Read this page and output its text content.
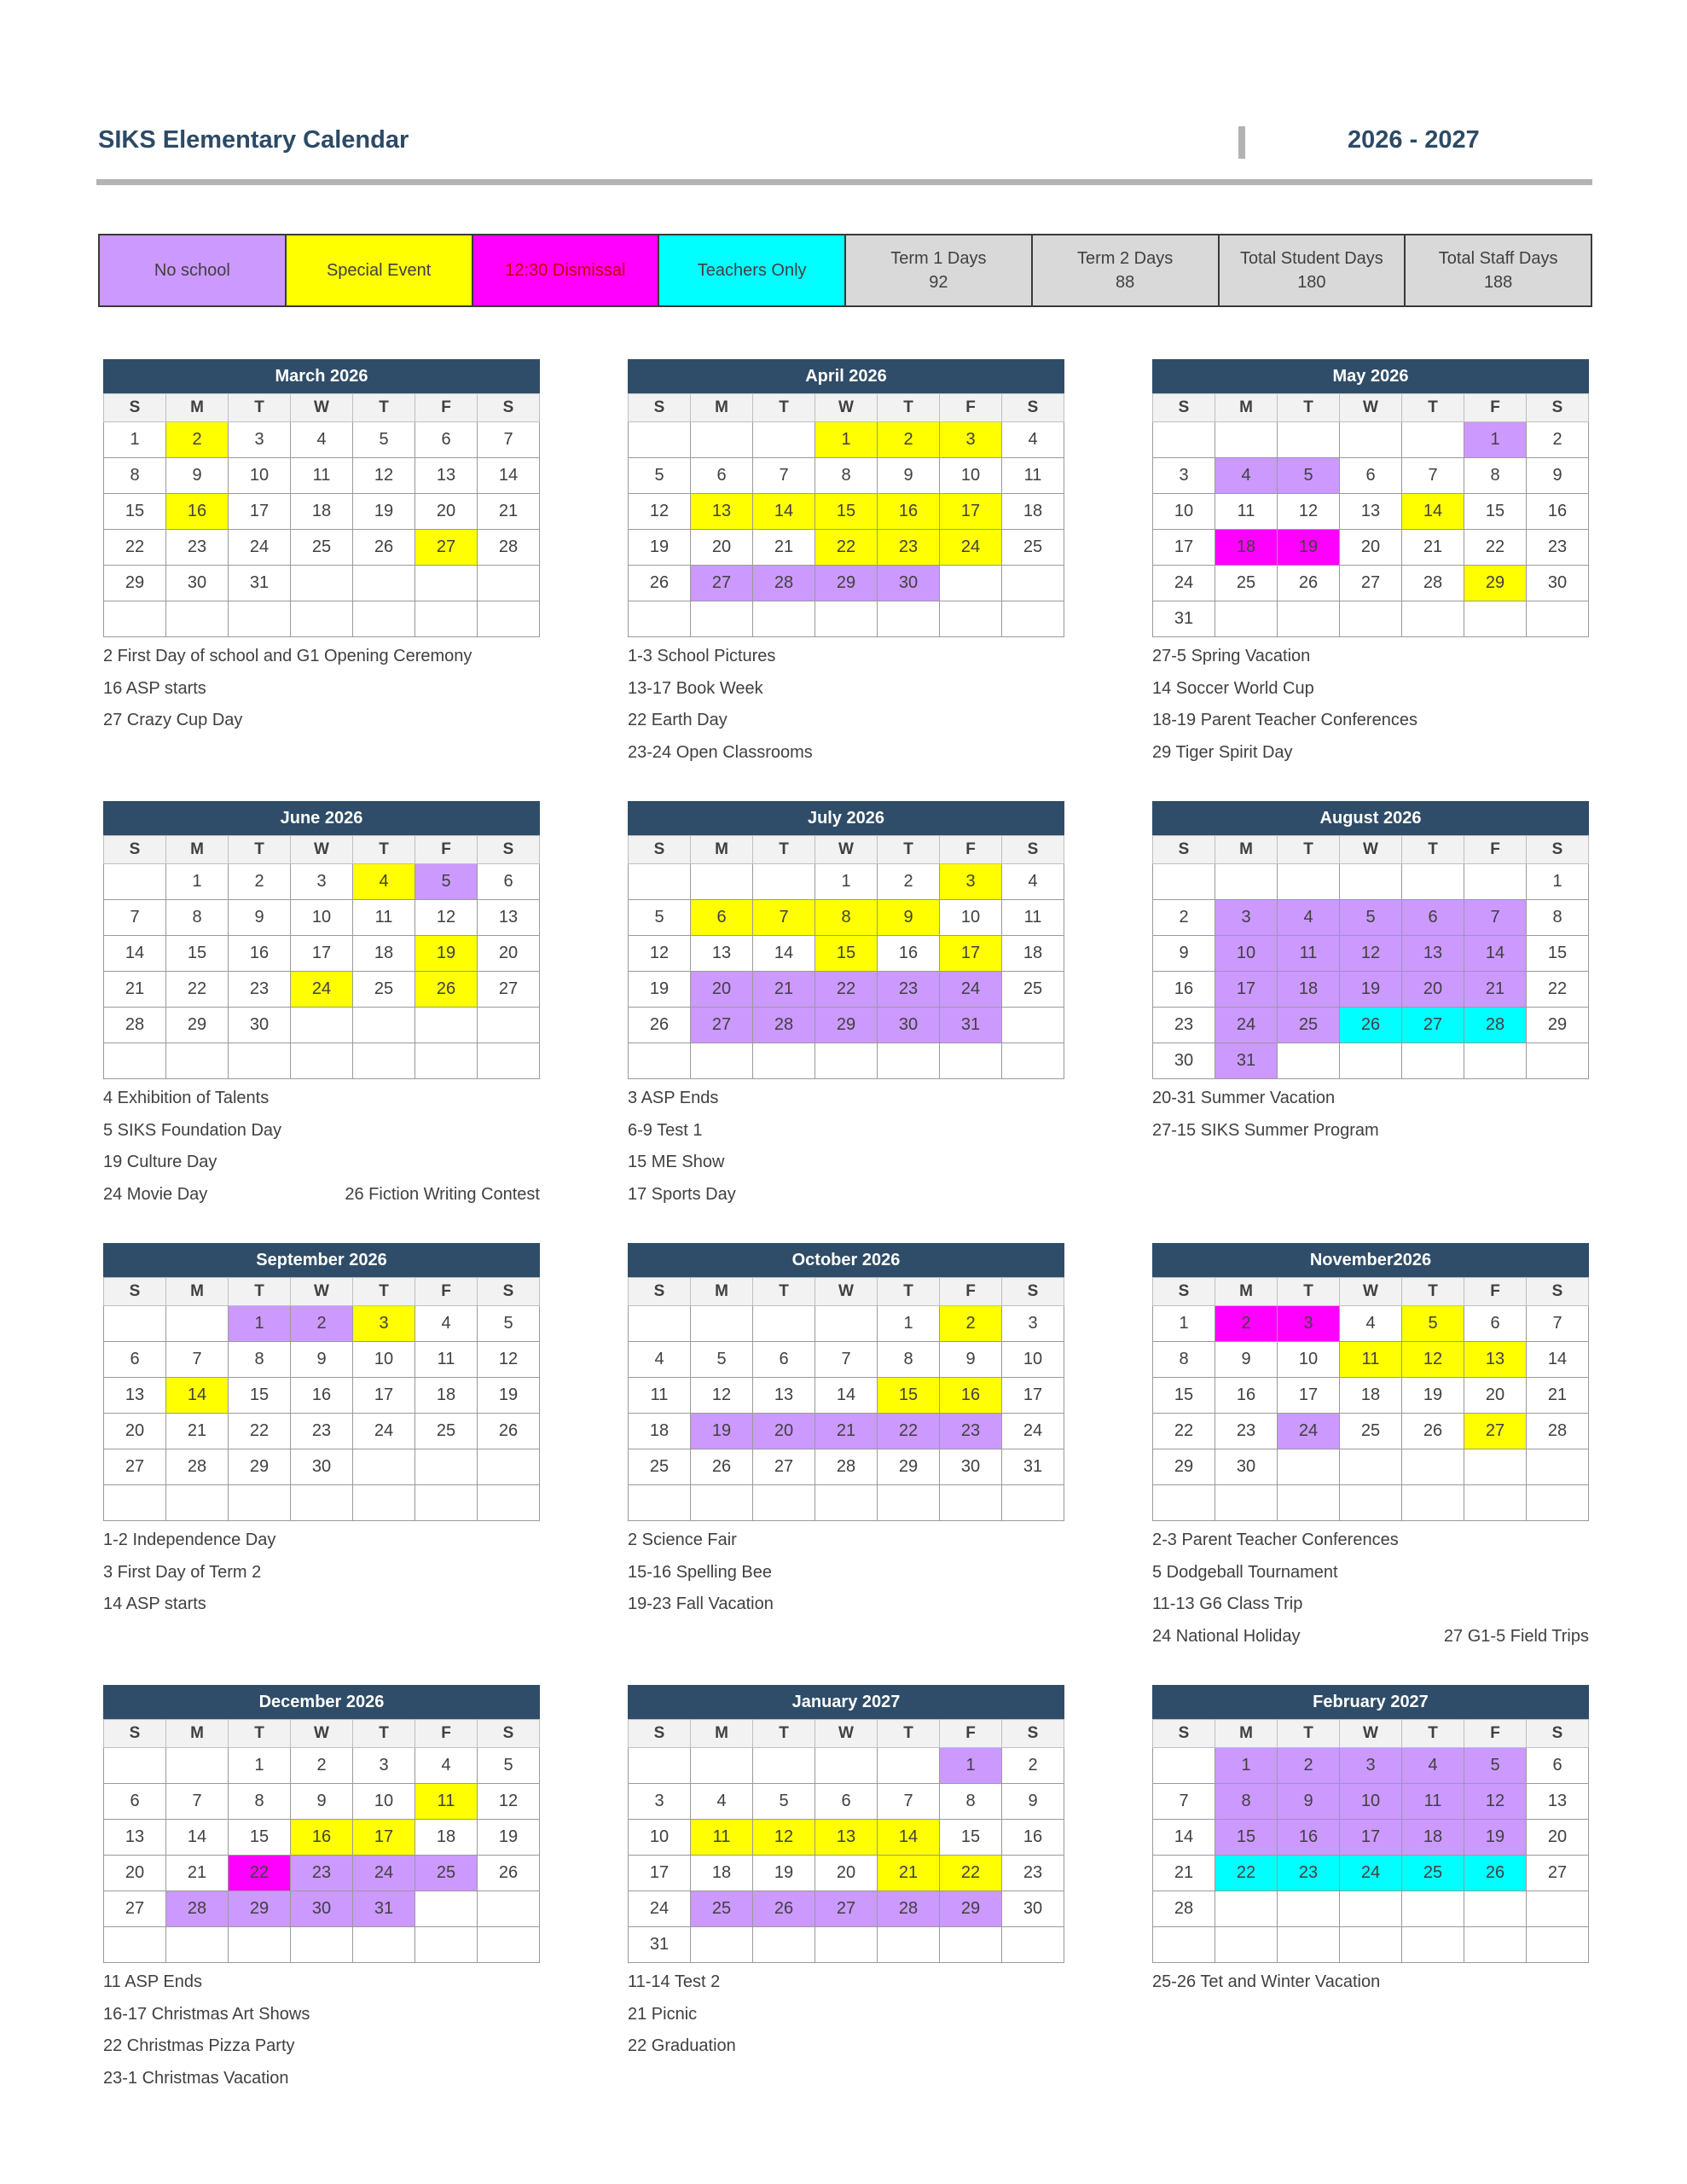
SIKS Elementary Calendar	2026 - 2027
No school	Special Event	12:30 Dismissal	Teachers Only
Term 1 Days
92
Term 2 Days
88
Total Student Days
180
Total Staff Days
188
March 2026
S	M	T	W	T	F	S
1	2	3	4	5	6	7
8	9	10	11	12	13	14
15	16	17	18	19	20	21
22	23	24	25	26	27	28
29	30	31				

2 First Day of school and G1 Opening Ceremony
16 ASP starts
27 Crazy Cup Day
April 2026
S	M	T	W	T	F	S
			1	2	3	4
5	6	7	8	9	10	11
12	13	14	15	16	17	18
19	20	21	22	23	24	25
26	27	28	29	30		

1-3 School Pictures
13-17 Book Week
22 Earth Day
23-24 Open Classrooms
May 2026
S	M	T	W	T	F	S
					1	2
3	4	5	6	7	8	9
10	11	12	13	14	15	16
17	18	19	20	21	22	23
24	25	26	27	28	29	30
31						
27-5 Spring Vacation
14 Soccer World Cup
18-19 Parent Teacher Conferences
29 Tiger Spirit Day
June 2026
S	M	T	W	T	F	S
	1	2	3	4	5	6
7	8	9	10	11	12	13
14	15	16	17	18	19	20
21	22	23	24	25	26	27
28	29	30				

4 Exhibition of Talents
5 SIKS Foundation Day
19 Culture Day
24 Movie Day	26 Fiction Writing Contest
July 2026
S	M	T	W	T	F	S
			1	2	3	4
5	6	7	8	9	10	11
12	13	14	15	16	17	18
19	20	21	22	23	24	25
26	27	28	29	30	31	

3 ASP Ends
6-9 Test 1
15 ME Show
17 Sports Day
August 2026
S	M	T	W	T	F	S
						1
2	3	4	5	6	7	8
9	10	11	12	13	14	15
16	17	18	19	20	21	22
23	24	25	26	27	28	29
30	31					
20-31 Summer Vacation
27-15 SIKS Summer Program
September 2026
S	M	T	W	T	F	S
		1	2	3	4	5
6	7	8	9	10	11	12
13	14	15	16	17	18	19
20	21	22	23	24	25	26
27	28	29	30			

1-2 Independence Day
3 First Day of Term 2
14 ASP starts
October 2026
S	M	T	W	T	F	S
				1	2	3
4	5	6	7	8	9	10
11	12	13	14	15	16	17
18	19	20	21	22	23	24
25	26	27	28	29	30	31

2 Science Fair
15-16 Spelling Bee
19-23 Fall Vacation
November2026
S	M	T	W	T	F	S
1	2	3	4	5	6	7
8	9	10	11	12	13	14
15	16	17	18	19	20	21
22	23	24	25	26	27	28
29	30					

2-3 Parent Teacher Conferences
5 Dodgeball Tournament
11-13 G6 Class Trip
24 National Holiday	27 G1-5 Field Trips
December 2026
S	M	T	W	T	F	S
		1	2	3	4	5
6	7	8	9	10	11	12
13	14	15	16	17	18	19
20	21	22	23	24	25	26
27	28	29	30	31		

11 ASP Ends
16-17 Christmas Art Shows
22 Christmas Pizza Party
23-1 Christmas Vacation
January 2027
S	M	T	W	T	F	S
					1	2
3	4	5	6	7	8	9
10	11	12	13	14	15	16
17	18	19	20	21	22	23
24	25	26	27	28	29	30
31						
11-14 Test 2
21 Picnic
22 Graduation
February 2027
S	M	T	W	T	F	S
	1	2	3	4	5	6
7	8	9	10	11	12	13
14	15	16	17	18	19	20
21	22	23	24	25	26	27
28						

25-26 Tet and Winter Vacation
